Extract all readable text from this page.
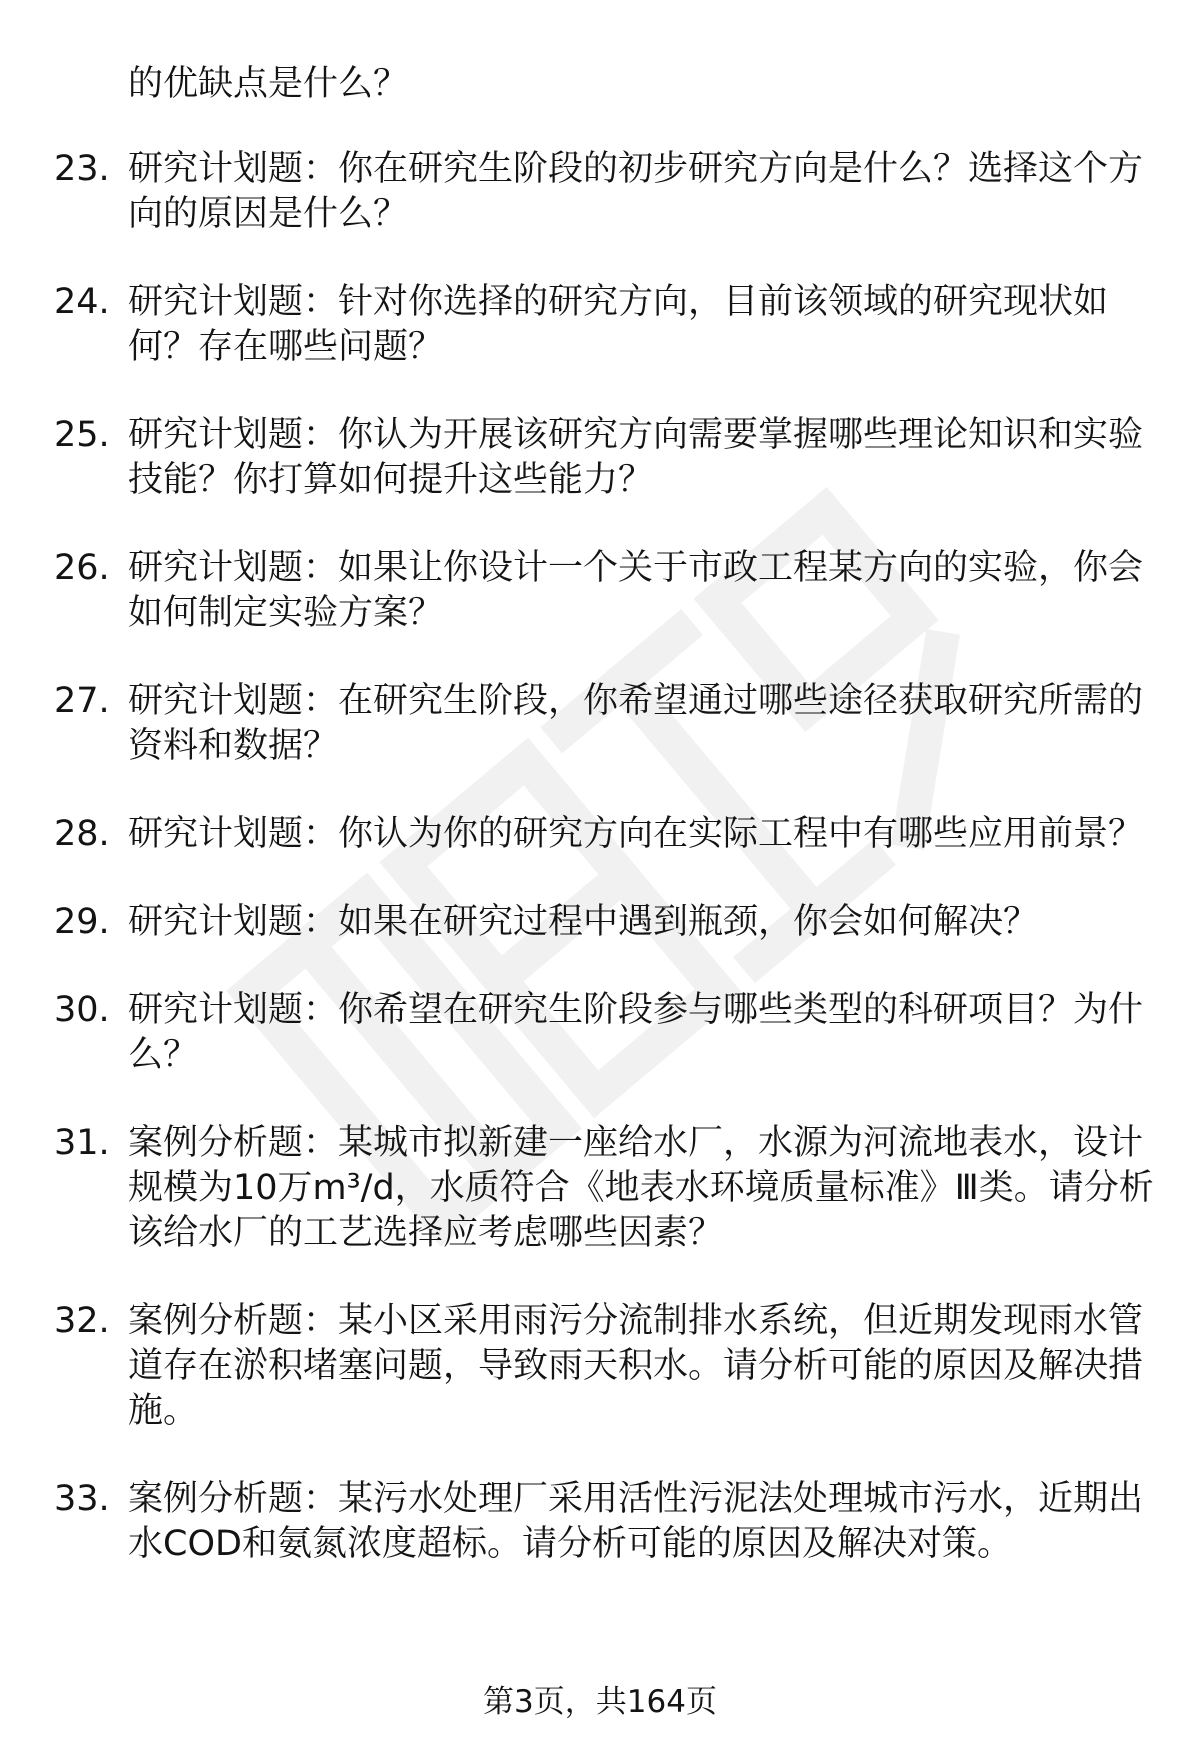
的优缺点是什么？
23. 研究计划题：你在研究生阶段的初步研究方向是什么？选择这个方向的原因是什么？
24. 研究计划题：针对你选择的研究方向，目前该领域的研究现状如何？存在哪些问题？
25. 研究计划题：你认为开展该研究方向需要掌握哪些理论知识和实验技能？你打算如何提升这些能力？
26. 研究计划题：如果让你设计一个关于市政工程某方向的实验，你会如何制定实验方案？
27. 研究计划题：在研究生阶段，你希望通过哪些途径获取研究所需的资料和数据？
28. 研究计划题：你认为你的研究方向在实际工程中有哪些应用前景？
29. 研究计划题：如果在研究过程中遇到瓶颈，你会如何解决？
30. 研究计划题：你希望在研究生阶段参与哪些类型的科研项目？为什么？
31. 案例分析题：某城市拟新建一座给水厂，水源为河流地表水，设计规模为10万m³/d，水质符合《地表水环境质量标准》Ⅲ类。请分析该给水厂的工艺选择应考虑哪些因素？
32. 案例分析题：某小区采用雨污分流制排水系统，但近期发现雨水管道存在淤积堵塞问题，导致雨天积水。请分析可能的原因及解决措施。
33. 案例分析题：某污水处理厂采用活性污泥法处理城市污水，近期出水COD和氨氮浓度超标。请分析可能的原因及解决对策。
第3页，共164页
